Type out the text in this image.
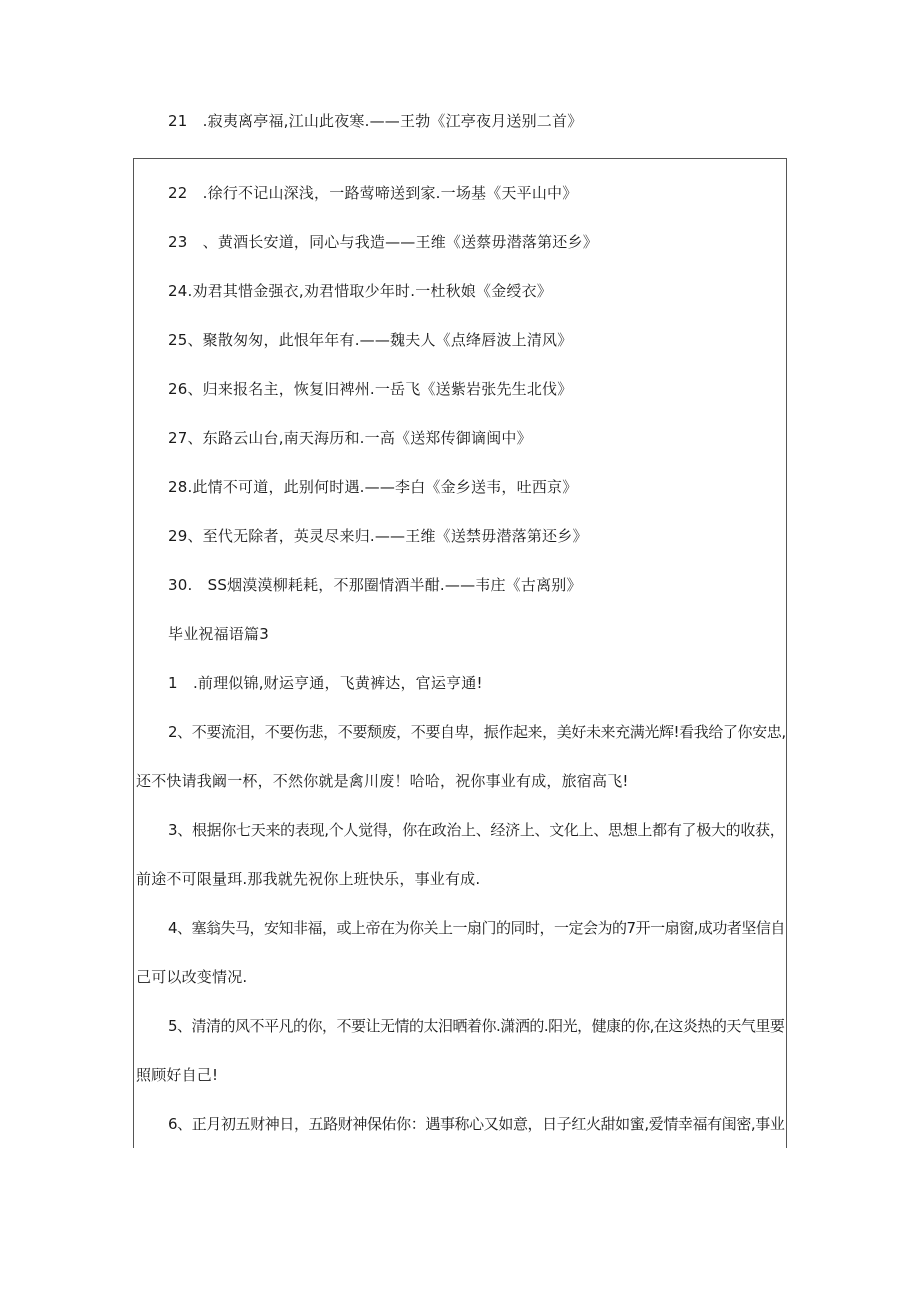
21　.寂夷离亭福,江山此夜寒.——王勃《江亭夜月送别二首》
22　.徐行不记山深浅，一路莺啼送到家.一场基《天平山中》
23　、黄酒长安道，同心与我造——王维《送蔡毋潜落第还乡》
24.劝君其惜金强衣,劝君惜取少年时.一杜秋娘《金绶衣》
25、聚散匆匆，此恨年年有.——魏夫人《点绛唇波上清风》
26、归来报名主，恢复旧裨州.一岳飞《送紫岩张先生北伐》
27、东路云山台,南天海历和.一高《送郑传御谪闽中》
28.此情不可道，此别何时遇.——李白《金乡送韦，吐西京》
29、至代无除者，英灵尽来归.——王维《送禁毋潜落第还乡》
30.　SS烟漠漠柳耗耗，不那圈情酒半酣.——韦庄《古离别》
毕业祝福语篇3
1　.前理似锦,财运亨通，飞黄裤达，官运亨通!
2、不要流泪，不要伤悲，不要颓废，不要自卑，振作起来，美好未来充满光辉!看我给了你安忠,
还不快请我阚一杯，不然你就是禽川废！哈哈，祝你事业有成，旅宿高飞!
3、根据你七天来的表现,个人觉得，你在政治上、经济上、文化上、思想上都有了极大的收获，
前途不可限量珥.那我就先祝你上班快乐，事业有成.
4、塞翁失马，安知非福，或上帝在为你关上一扇门的同时，一定会为的7开一扇窗,成功者坚信自
己可以改变情况.
5、清清的风不平凡的你，不要让无情的太汨晒着你.潇洒的.阳光，健康的你,在这炎热的天气里要
照顾好自己!
6、正月初五财神日，五路财神保佑你：遇事称心又如意，日子红火甜如蜜,爱情幸福有闺密,事业
